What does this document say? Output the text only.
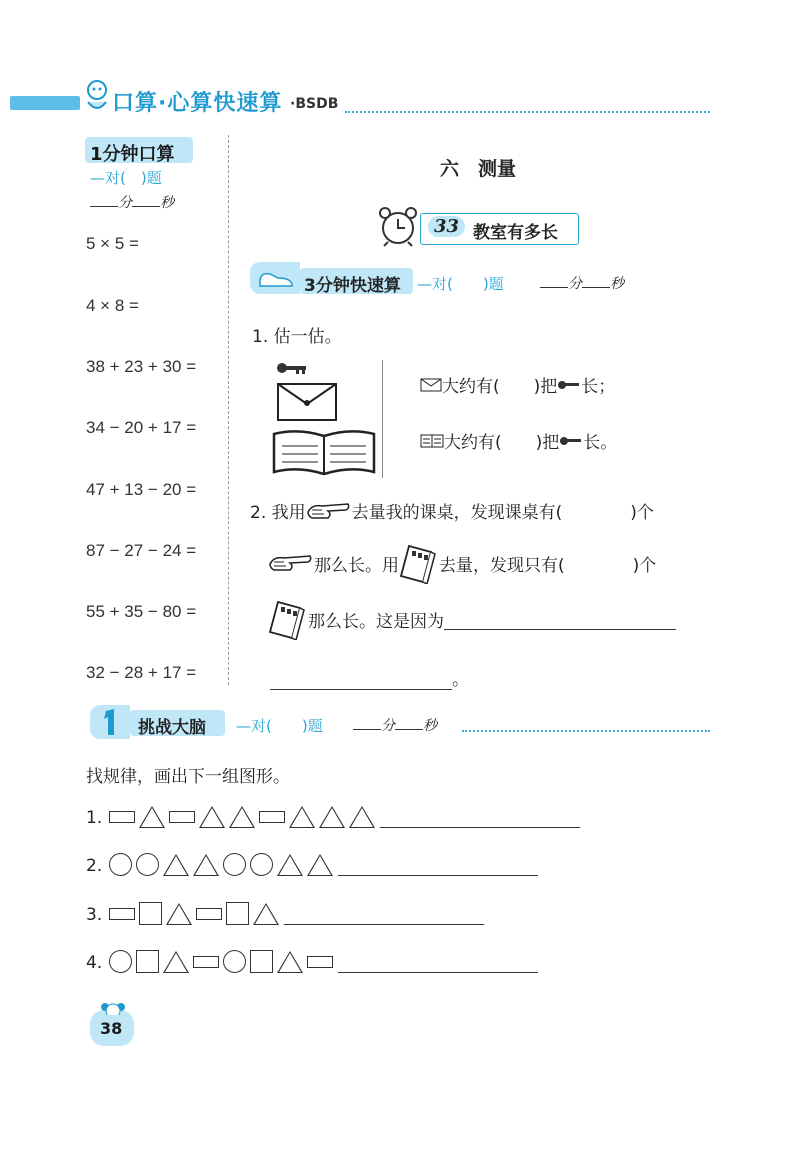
口算·心算快速算 ·BSDB
1分钟口算
—对(　)题
分 秒
5 × 5 =
4 × 8 =
38 + 23 + 30 =
34 − 20 + 17 =
47 + 13 − 20 =
87 − 27 − 24 =
55 + 35 − 80 =
32 − 28 + 17 =
六　测量
33 教室有多长
3分钟快速算 —对(　　)题	分 秒
1. 估一估。
大约有(　　)把 长；
大约有(　　)把 长。
2. 我用	去量我的课桌，发现课桌有(　　　　)个
那么长。用 去量，发现只有(　　　　)个
那么长。这是因为
。
挑战大脑 —对(　　)题	分 秒
找规律，画出下一组图形。
1.
2.
3.
4.
38
